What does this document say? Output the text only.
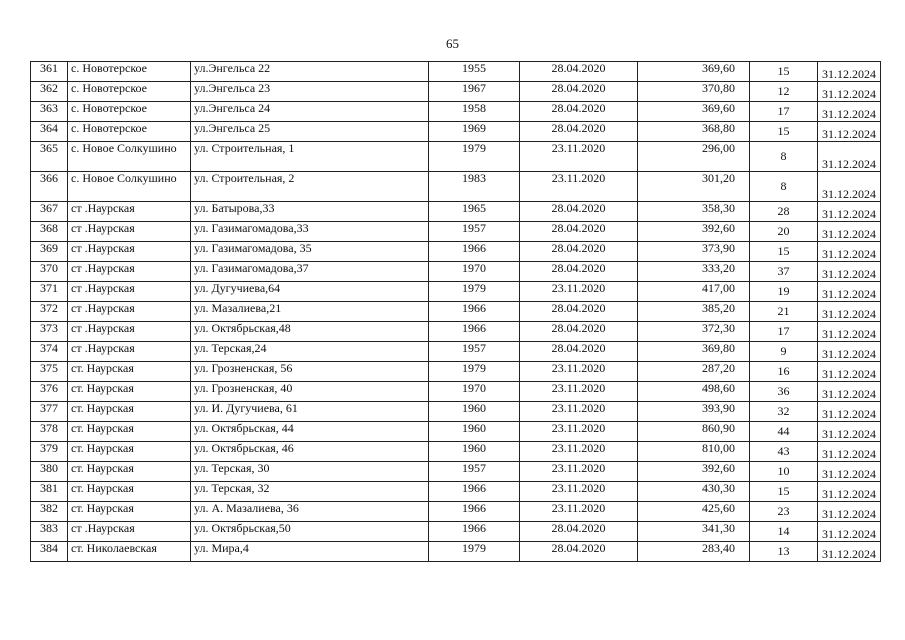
65
361	с. Новотерское	ул.Энгельса 22	1955	28.04.2020	369,60	15	31.12.2024
362	с. Новотерское	ул.Энгельса 23	1967	28.04.2020	370,80	12	31.12.2024
363	с. Новотерское	ул.Энгельса 24	1958	28.04.2020	369,60	17	31.12.2024
364	с. Новотерское	ул.Энгельса 25	1969	28.04.2020	368,80	15	31.12.2024
365	с. Новое Солкушино	ул. Строительная, 1	1979	23.11.2020	296,00	8	31.12.2024
366	с. Новое Солкушино	ул. Строительная, 2	1983	23.11.2020	301,20	8	31.12.2024
367	ст .Наурская	ул. Батырова,33	1965	28.04.2020	358,30	28	31.12.2024
368	ст .Наурская	ул. Газимагомадова,33	1957	28.04.2020	392,60	20	31.12.2024
369	ст .Наурская	ул. Газимагомадова, 35	1966	28.04.2020	373,90	15	31.12.2024
370	ст .Наурская	ул. Газимагомадова,37	1970	28.04.2020	333,20	37	31.12.2024
371	ст .Наурская	ул. Дугучиева,64	1979	23.11.2020	417,00	19	31.12.2024
372	ст .Наурская	ул. Мазалиева,21	1966	28.04.2020	385,20	21	31.12.2024
373	ст .Наурская	ул. Октябрьская,48	1966	28.04.2020	372,30	17	31.12.2024
374	ст .Наурская	ул. Терская,24	1957	28.04.2020	369,80	9	31.12.2024
375	ст. Наурская	ул. Грозненская, 56	1979	23.11.2020	287,20	16	31.12.2024
376	ст. Наурская	ул. Грозненская, 40	1970	23.11.2020	498,60	36	31.12.2024
377	ст. Наурская	ул. И. Дугучиева, 61	1960	23.11.2020	393,90	32	31.12.2024
378	ст. Наурская	ул. Октябрьская, 44	1960	23.11.2020	860,90	44	31.12.2024
379	ст. Наурская	ул. Октябрьская, 46	1960	23.11.2020	810,00	43	31.12.2024
380	ст. Наурская	ул. Терская, 30	1957	23.11.2020	392,60	10	31.12.2024
381	ст. Наурская	ул. Терская, 32	1966	23.11.2020	430,30	15	31.12.2024
382	ст. Наурская	ул. А. Мазалиева, 36	1966	23.11.2020	425,60	23	31.12.2024
383	ст .Наурская	ул. Октябрьская,50	1966	28.04.2020	341,30	14	31.12.2024
384	ст. Николаевская	ул. Мира,4	1979	28.04.2020	283,40	13	31.12.2024
